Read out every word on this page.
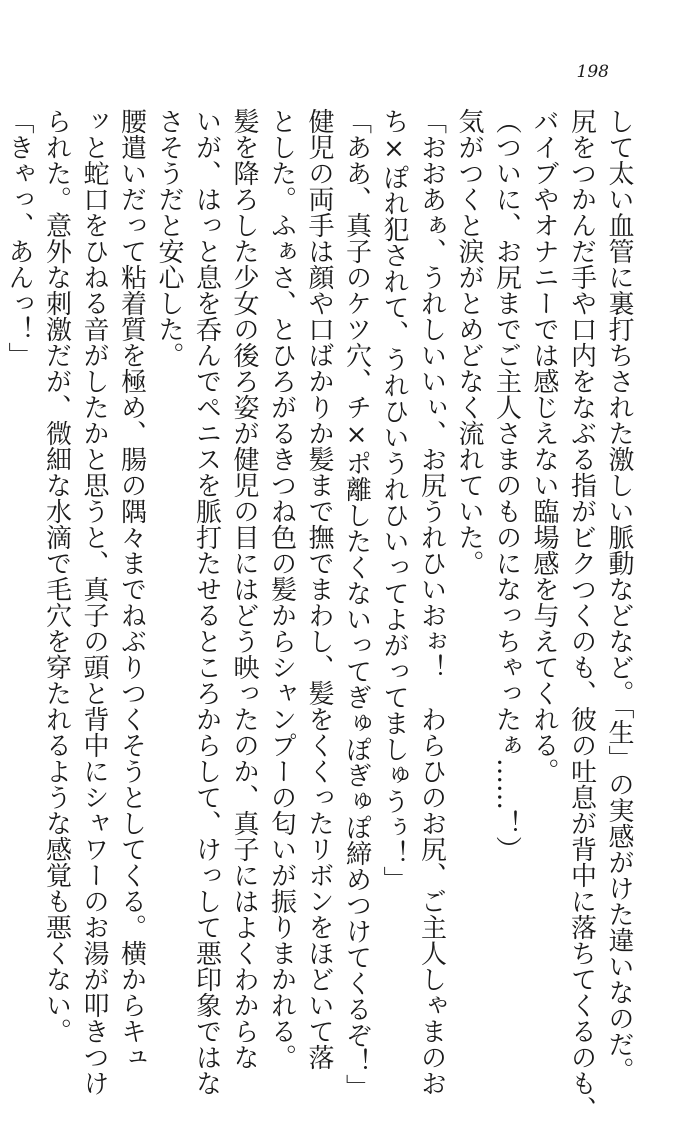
198
して太い血管に裏打ちされた激しい脈動などなど。「生」の実感がけた違いなのだ。
尻をつかんだ手や口内をなぶる指がビクつくのも、彼の吐息が背中に落ちてくるのも、
バイブやオナニーでは感じえない臨場感を与えてくれる。
（ついに、お尻までご主人さまのものになっちゃったぁ……！）
気がつくと涙がとめどなく流れていた。
「おおあぁ、うれしいいぃ、お尻うれひいおぉ！　わらひのお尻、ご主人しゃまのお
ち×ぽれ犯されて、うれひいうれひいってよがってましゅうぅ！」
「ああ、真子のケツ穴、チ×ポ離したくないってぎゅぽぎゅぽ締めつけてくるぞ！」
健児の両手は顔や口ばかりか髪まで撫でまわし、髪をくくったリボンをほどいて落
とした。ふぁさ、とひろがるきつね色の髪からシャンプーの匂いが振りまかれる。
髪を降ろした少女の後ろ姿が健児の目にはどう映ったのか、真子にはよくわからな
いが、はっと息を呑んでペニスを脈打たせるところからして、けっして悪印象ではな
さそうだと安心した。
腰遣いだって粘着質を極め、腸の隅々までねぶりつくそうとしてくる。横からキュ
ッと蛇口をひねる音がしたかと思うと、真子の頭と背中にシャワーのお湯が叩きつけ
られた。意外な刺激だが、微細な水滴で毛穴を穿たれるような感覚も悪くない。
「きゃっ、あんっ！」
